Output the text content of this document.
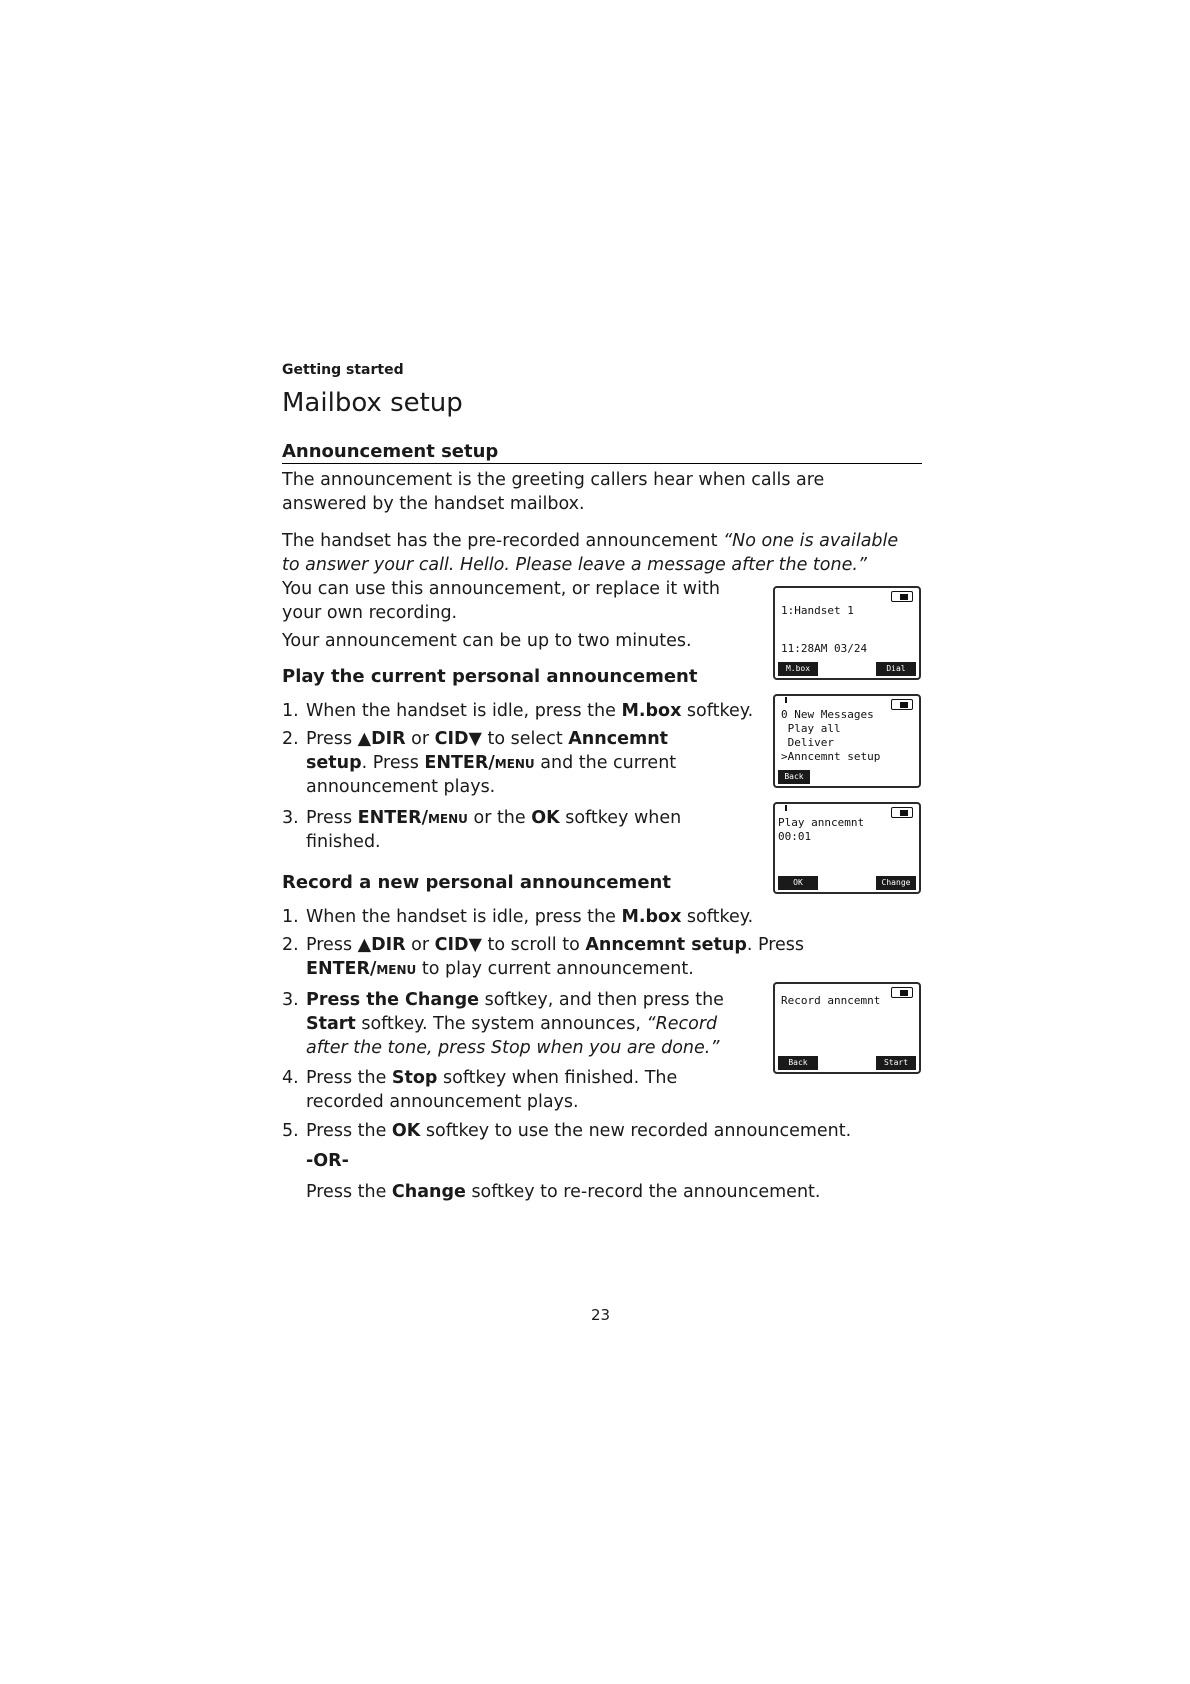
Getting started
Mailbox setup
Announcement setup
The announcement is the greeting callers hear when calls are
answered by the handset mailbox.
The handset has the pre-recorded announcement “No one is available
to answer your call. Hello. Please leave a message after the tone.”
You can use this announcement, or replace it with
your own recording.
Your announcement can be up to two minutes.
Play the current personal announcement
1. When the handset is idle, press the M.box softkey.
2. Press ▲DIR or CID▼ to select Anncemnt
setup. Press ENTER/menu and the current
announcement plays.
3. Press ENTER/menu or the OK softkey when
finished.
Record a new personal announcement
1. When the handset is idle, press the M.box softkey.
2. Press ▲DIR or CID▼ to scroll to Anncemnt setup. Press
ENTER/menu to play current announcement.
3. Press the Change softkey, and then press the
Start softkey. The system announces, “Record
after the tone, press Stop when you are done.”
4. Press the Stop softkey when finished. The
recorded announcement plays.
5. Press the OK softkey to use the new recorded announcement.
-OR-
Press the Change softkey to re-record the announcement.
1:Handset 1
11:28AM 03/24
M.box	Dial
0 New Messages
Play all
Deliver
>Anncemnt setup
Back
Play anncemnt
00:01
OK	Change
Record anncemnt
Back	Start
23
